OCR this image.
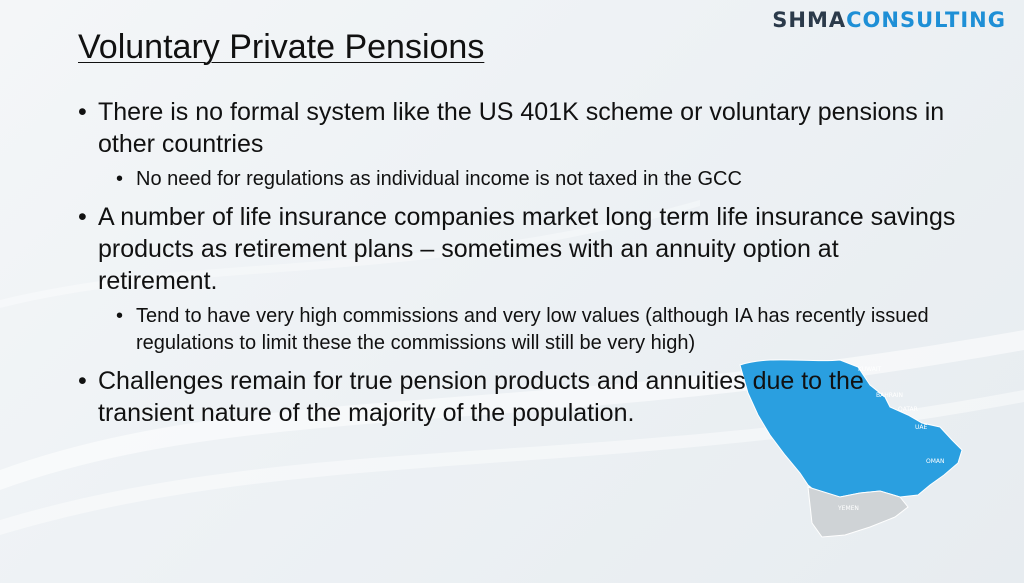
SHMACONSULTING
Voluntary Private Pensions
KUWAIT
BAHRAIN
QATAR
UAE
OMAN
YEMEN
• There is no formal system like the US 401K scheme or voluntary pensions in other countries
• No need for regulations as individual income is not taxed in the GCC
• A number of life insurance companies market long term life insurance savings products as retirement plans – sometimes with an annuity option at retirement.
• Tend to have very high commissions and very low values (although IA has recently issued regulations to limit these the commissions will still be very high)
• Challenges remain for true pension products and annuities due to the transient nature of the majority of the population.
